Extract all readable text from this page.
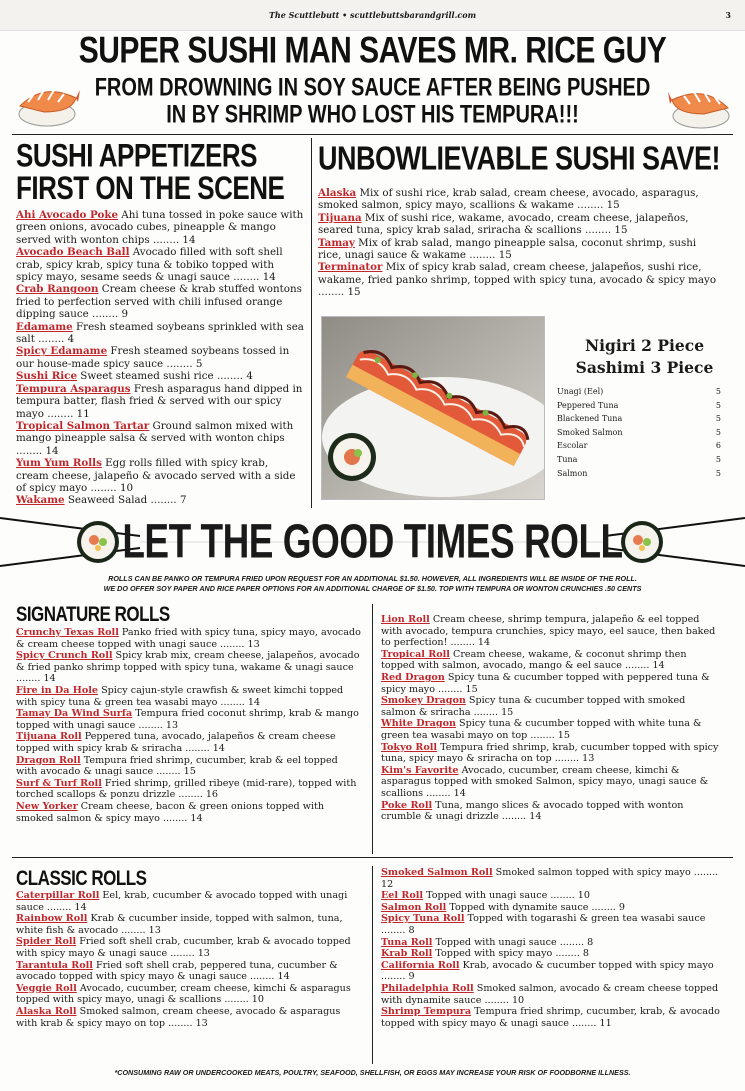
The Scuttlebutt • scuttlebuttsbarandgrill.com	3
SUPER SUSHI MAN SAVES MR. RICE GUY
FROM DROWNING IN SOY SAUCE AFTER BEING PUSHED
IN BY SHRIMP WHO LOST HIS TEMPURA!!!
SUSHI APPETIZERS
FIRST ON THE SCENE
Ahi Avocado Poke Ahi tuna tossed in poke sauce with green onions, avocado cubes, pineapple & mango served with wonton chips ........ 14
Avocado Beach Ball Avocado filled with soft shell crab, spicy krab, spicy tuna & tobiko topped with spicy mayo, sesame seeds & unagi sauce ........ 14
Crab Rangoon Cream cheese & krab stuffed wontons fried to perfection served with chili infused orange dipping sauce ........ 9
Edamame Fresh steamed soybeans sprinkled with sea salt ........ 4
Spicy Edamame Fresh steamed soybeans tossed in our house-made spicy sauce ........ 5
Sushi Rice Sweet steamed sushi rice ........ 4
Tempura Asparagus Fresh asparagus hand dipped in tempura batter, flash fried & served with our spicy mayo ........ 11
Tropical Salmon Tartar Ground salmon mixed with mango pineapple salsa & served with wonton chips ........ 14
Yum Yum Rolls Egg rolls filled with spicy krab, cream cheese, jalapeño & avocado served with a side of spicy mayo ........ 10
Wakame Seaweed Salad ........ 7
UNBOWLIEVABLE SUSHI SAVE!
Alaska Mix of sushi rice, krab salad, cream cheese, avocado, asparagus, smoked salmon, spicy mayo, scallions & wakame ........ 15
Tijuana Mix of sushi rice, wakame, avocado, cream cheese, jalapeños, seared tuna, spicy krab salad, sriracha & scallions ........ 15
Tamay Mix of krab salad, mango pineapple salsa, coconut shrimp, sushi rice, unagi sauce & wakame ........ 15
Terminator Mix of spicy krab salad, cream cheese, jalapeños, sushi rice, wakame, fried panko shrimp, topped with spicy tuna, avocado & spicy mayo ........ 15
Nigiri 2 Piece
Sashimi 3 Piece
Unagi (Eel)	5
Peppered Tuna	5
Blackened Tuna	5
Smoked Salmon	5
Escolar	6
Tuna	5
Salmon	5
LET THE GOOD TIMES ROLL
ROLLS CAN BE PANKO OR TEMPURA FRIED UPON REQUEST FOR AN ADDITIONAL $1.50. HOWEVER, ALL INGREDIENTS WILL BE INSIDE OF THE ROLL.
WE DO OFFER SOY PAPER AND RICE PAPER OPTIONS FOR AN ADDITIONAL CHARGE OF $1.50. TOP WITH TEMPURA OR WONTON CRUNCHIES .50 CENTS
SIGNATURE ROLLS
Crunchy Texas Roll Panko fried with spicy tuna, spicy mayo, avocado & cream cheese topped with unagi sauce ........ 13
Spicy Crunch Roll Spicy krab mix, cream cheese, jalapeños, avocado & fried panko shrimp topped with spicy tuna, wakame & unagi sauce ........ 14
Fire in Da Hole Spicy cajun-style crawfish & sweet kimchi topped with spicy tuna & green tea wasabi mayo ........ 14
Tamay Da Wind Surfa Tempura fried coconut shrimp, krab & mango topped with unagi sauce ........ 13
Tijuana Roll Peppered tuna, avocado, jalapeños & cream cheese topped with spicy krab & sriracha ........ 14
Dragon Roll Tempura fried shrimp, cucumber, krab & eel topped with avocado & unagi sauce ........ 15
Surf & Turf Roll Fried shrimp, grilled ribeye (mid-rare), topped with torched scallops & ponzu drizzle ........ 16
New Yorker Cream cheese, bacon & green onions topped with smoked salmon & spicy mayo ........ 14
Lion Roll Cream cheese, shrimp tempura, jalapeño & eel topped with avocado, tempura crunchies, spicy mayo, eel sauce, then baked to perfection! ........ 14
Tropical Roll Cream cheese, wakame, & coconut shrimp then topped with salmon, avocado, mango & eel sauce ........ 14
Red Dragon Spicy tuna & cucumber topped with peppered tuna & spicy mayo ........ 15
Smokey Dragon Spicy tuna & cucumber topped with smoked salmon & sriracha ........ 15
White Dragon Spicy tuna & cucumber topped with white tuna & green tea wasabi mayo on top ........ 15
Tokyo Roll Tempura fried shrimp, krab, cucumber topped with spicy tuna, spicy mayo & sriracha on top ........ 13
Kim's Favorite Avocado, cucumber, cream cheese, kimchi & asparagus topped with smoked Salmon, spicy mayo, unagi sauce & scallions ........ 14
Poke Roll Tuna, mango slices & avocado topped with wonton crumble & unagi drizzle ........ 14
CLASSIC ROLLS
Caterpillar Roll Eel, krab, cucumber & avocado topped with unagi sauce ........ 14
Rainbow Roll Krab & cucumber inside, topped with salmon, tuna, white fish & avocado ........ 13
Spider Roll Fried soft shell crab, cucumber, krab & avocado topped with spicy mayo & unagi sauce ........ 13
Tarantula Roll Fried soft shell crab, peppered tuna, cucumber & avocado topped with spicy mayo & unagi sauce ........ 14
Veggie Roll Avocado, cucumber, cream cheese, kimchi & asparagus topped with spicy mayo, unagi & scallions ........ 10
Alaska Roll Smoked salmon, cream cheese, avocado & asparagus with krab & spicy mayo on top ........ 13
Smoked Salmon Roll Smoked salmon topped with spicy mayo ........ 12
Eel Roll Topped with unagi sauce ........ 10
Salmon Roll Topped with dynamite sauce ........ 9
Spicy Tuna Roll Topped with togarashi & green tea wasabi sauce ........ 8
Tuna Roll Topped with unagi sauce ........ 8
Krab Roll Topped with spicy mayo ........ 8
California Roll Krab, avocado & cucumber topped with spicy mayo ........ 9
Philadelphia Roll Smoked salmon, avocado & cream cheese topped with dynamite sauce ........ 10
Shrimp Tempura Tempura fried shrimp, cucumber, krab, & avocado topped with spicy mayo & unagi sauce ........ 11
*CONSUMING RAW OR UNDERCOOKED MEATS, POULTRY, SEAFOOD, SHELLFISH, OR EGGS MAY INCREASE YOUR RISK OF FOODBORNE ILLNESS.
